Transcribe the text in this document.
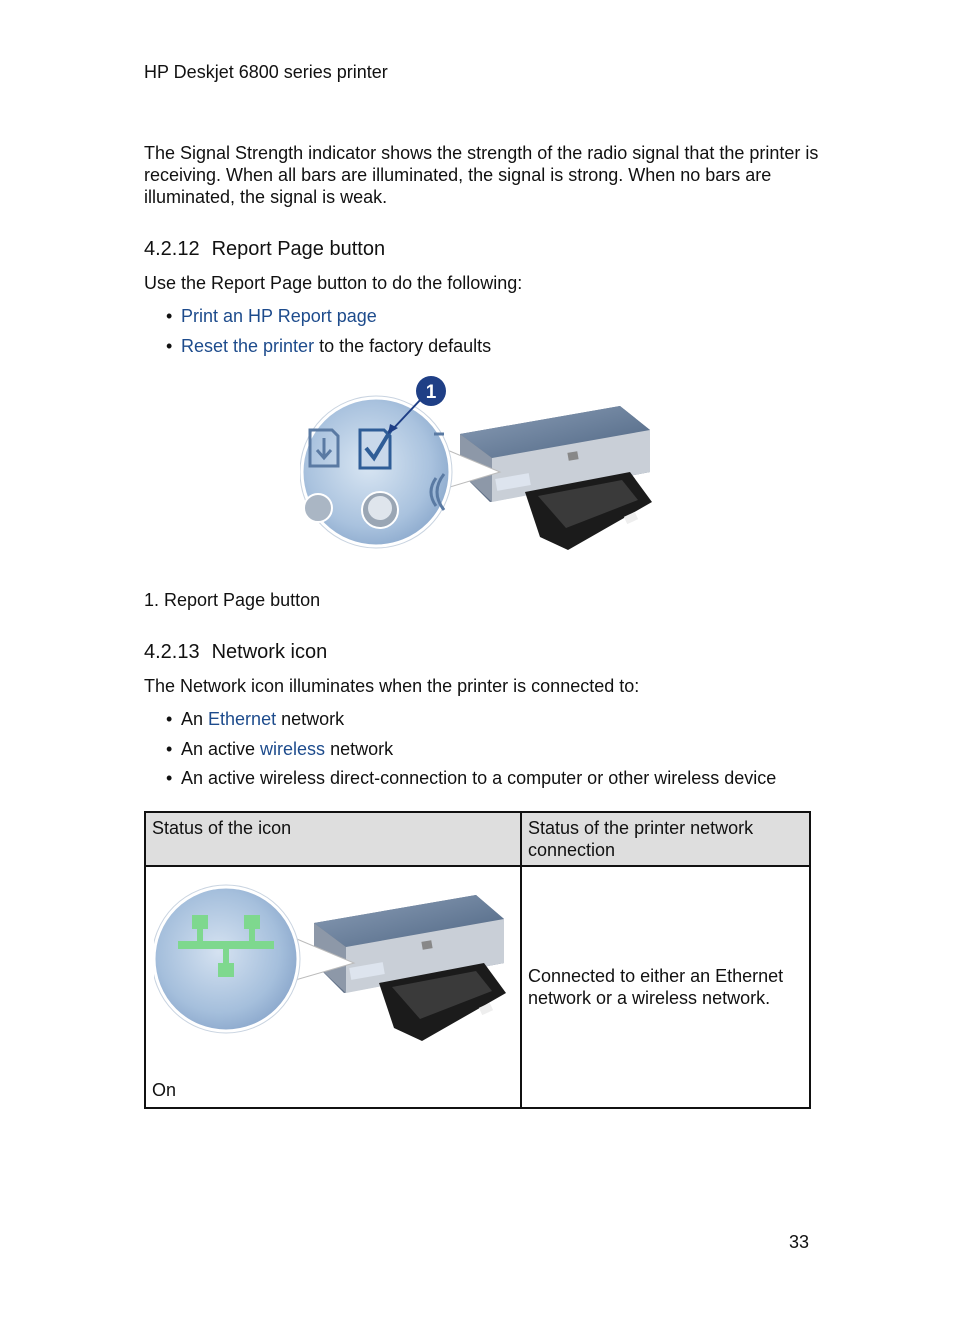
HP Deskjet 6800 series printer
The Signal Strength indicator shows the strength of the radio signal that the printer is receiving. When all bars are illuminated, the signal is strong. When no bars are illuminated, the signal is weak.
4.2.12 Report Page button
Use the Report Page button to do the following:
• Print an HP Report page
• Reset the printer to the factory defaults
1
1. Report Page button
4.2.13 Network icon
The Network icon illuminates when the printer is connected to:
• An Ethernet network
• An active wireless network
• An active wireless direct-connection to a computer or other wireless device
Status of the icon	Status of the printer network connection

On	Connected to either an Ethernet network or a wireless network.
33
